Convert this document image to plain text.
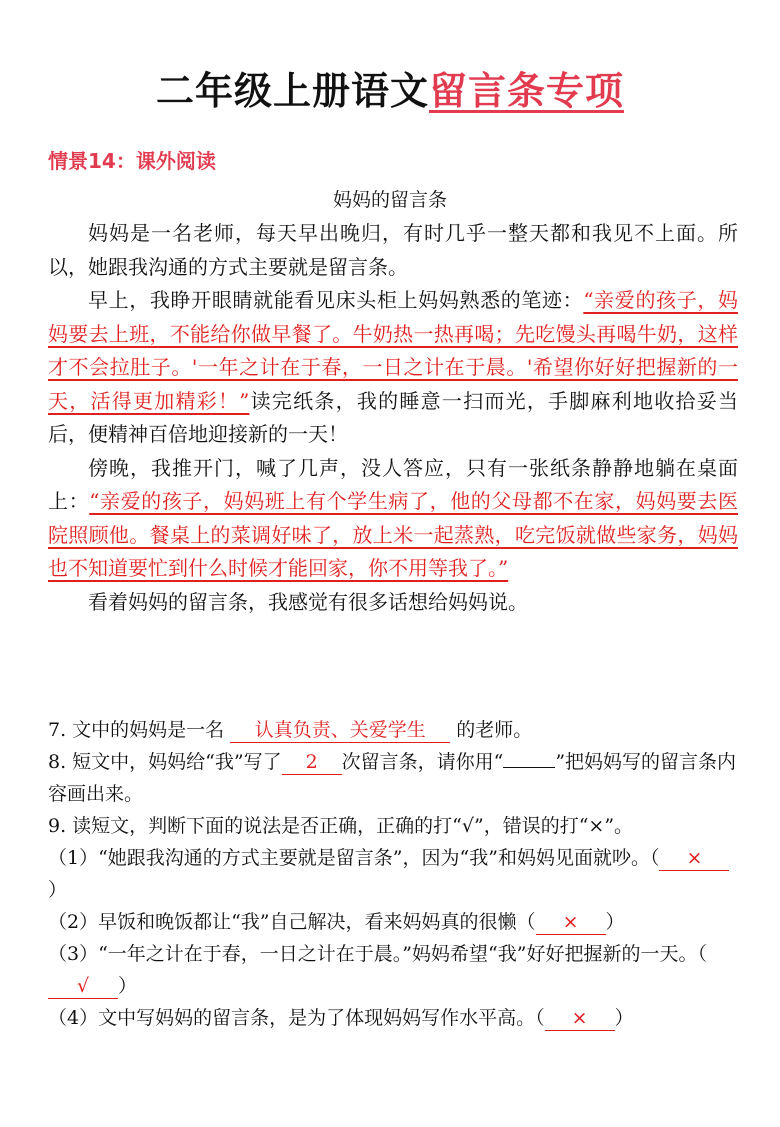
二年级上册语文留言条专项
情景14：课外阅读
妈妈的留言条

妈妈是一名老师，每天早出晚归，有时几乎一整天都和我见不上面。所以，她跟我沟通的方式主要就是留言条。

早上，我睁开眼睛就能看见床头柜上妈妈熟悉的笔迹：“亲爱的孩子，妈妈要去上班，不能给你做早餐了。牛奶热一热再喝；先吃馒头再喝牛奶，这样才不会拉肚子。'一年之计在于春，一日之计在于晨。'希望你好好把握新的一天，活得更加精彩！”读完纸条，我的睡意一扫而光，手脚麻利地收拾妥当后，便精神百倍地迎接新的一天！

傍晚，我推开门，喊了几声，没人答应，只有一张纸条静静地躺在桌面上：“亲爱的孩子，妈妈班上有个学生病了，他的父母都不在家，妈妈要去医院照顾他。餐桌上的菜调好味了，放上米一起蒸熟，吃完饭就做些家务，妈妈也不知道要忙到什么时候才能回家，你不用等我了。”

看着妈妈的留言条，我感觉有很多话想给妈妈说。

7. 文中的妈妈是一名 认真负责、关爱学生 的老师。

8. 短文中，妈妈给“我”写了 2 次留言条，请你用“	”把妈妈写的留言条内容画出来。

9. 读短文，判断下面的说法是否正确，正确的打“√”，错误的打“×”。

（1）“她跟我沟通的方式主要就是留言条”，因为“我”和妈妈见面就吵。（ ×）

（2）早饭和晚饭都让“我”自己解决，看来妈妈真的很懒（ × ）

（3）“一年之计在于春，一日之计在于晨。”妈妈希望“我”好好把握新的一天。（√ ）

（4）文中写妈妈的留言条，是为了体现妈妈写作水平高。（ × ）
